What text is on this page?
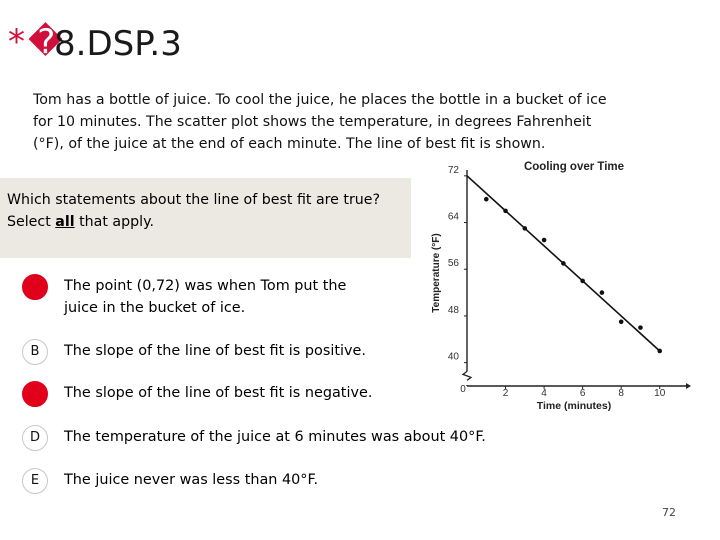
* �
8.DSP.3
Tom has a bottle of juice. To cool the juice, he places the bottle in a bucket of ice
for 10 minutes. The scatter plot shows the temperature, in degrees Fahrenheit
(°F), of the juice at the end of each minute. The line of best fit is shown.
Which statements about the line of best fit are true?
Select all that apply.
A	The point (0,72) was when Tom put the
juice in the bucket of ice.
B	The slope of the line of best fit is positive.
C	The slope of the line of best fit is negative.
D	The temperature of the juice at 6 minutes was about 40°F.
E	The juice never was less than 40°F.
Cooling over Time
Temperature (°F)
Time (minutes)
40
48
56
64
72
0	2	4	6	8	10
72
